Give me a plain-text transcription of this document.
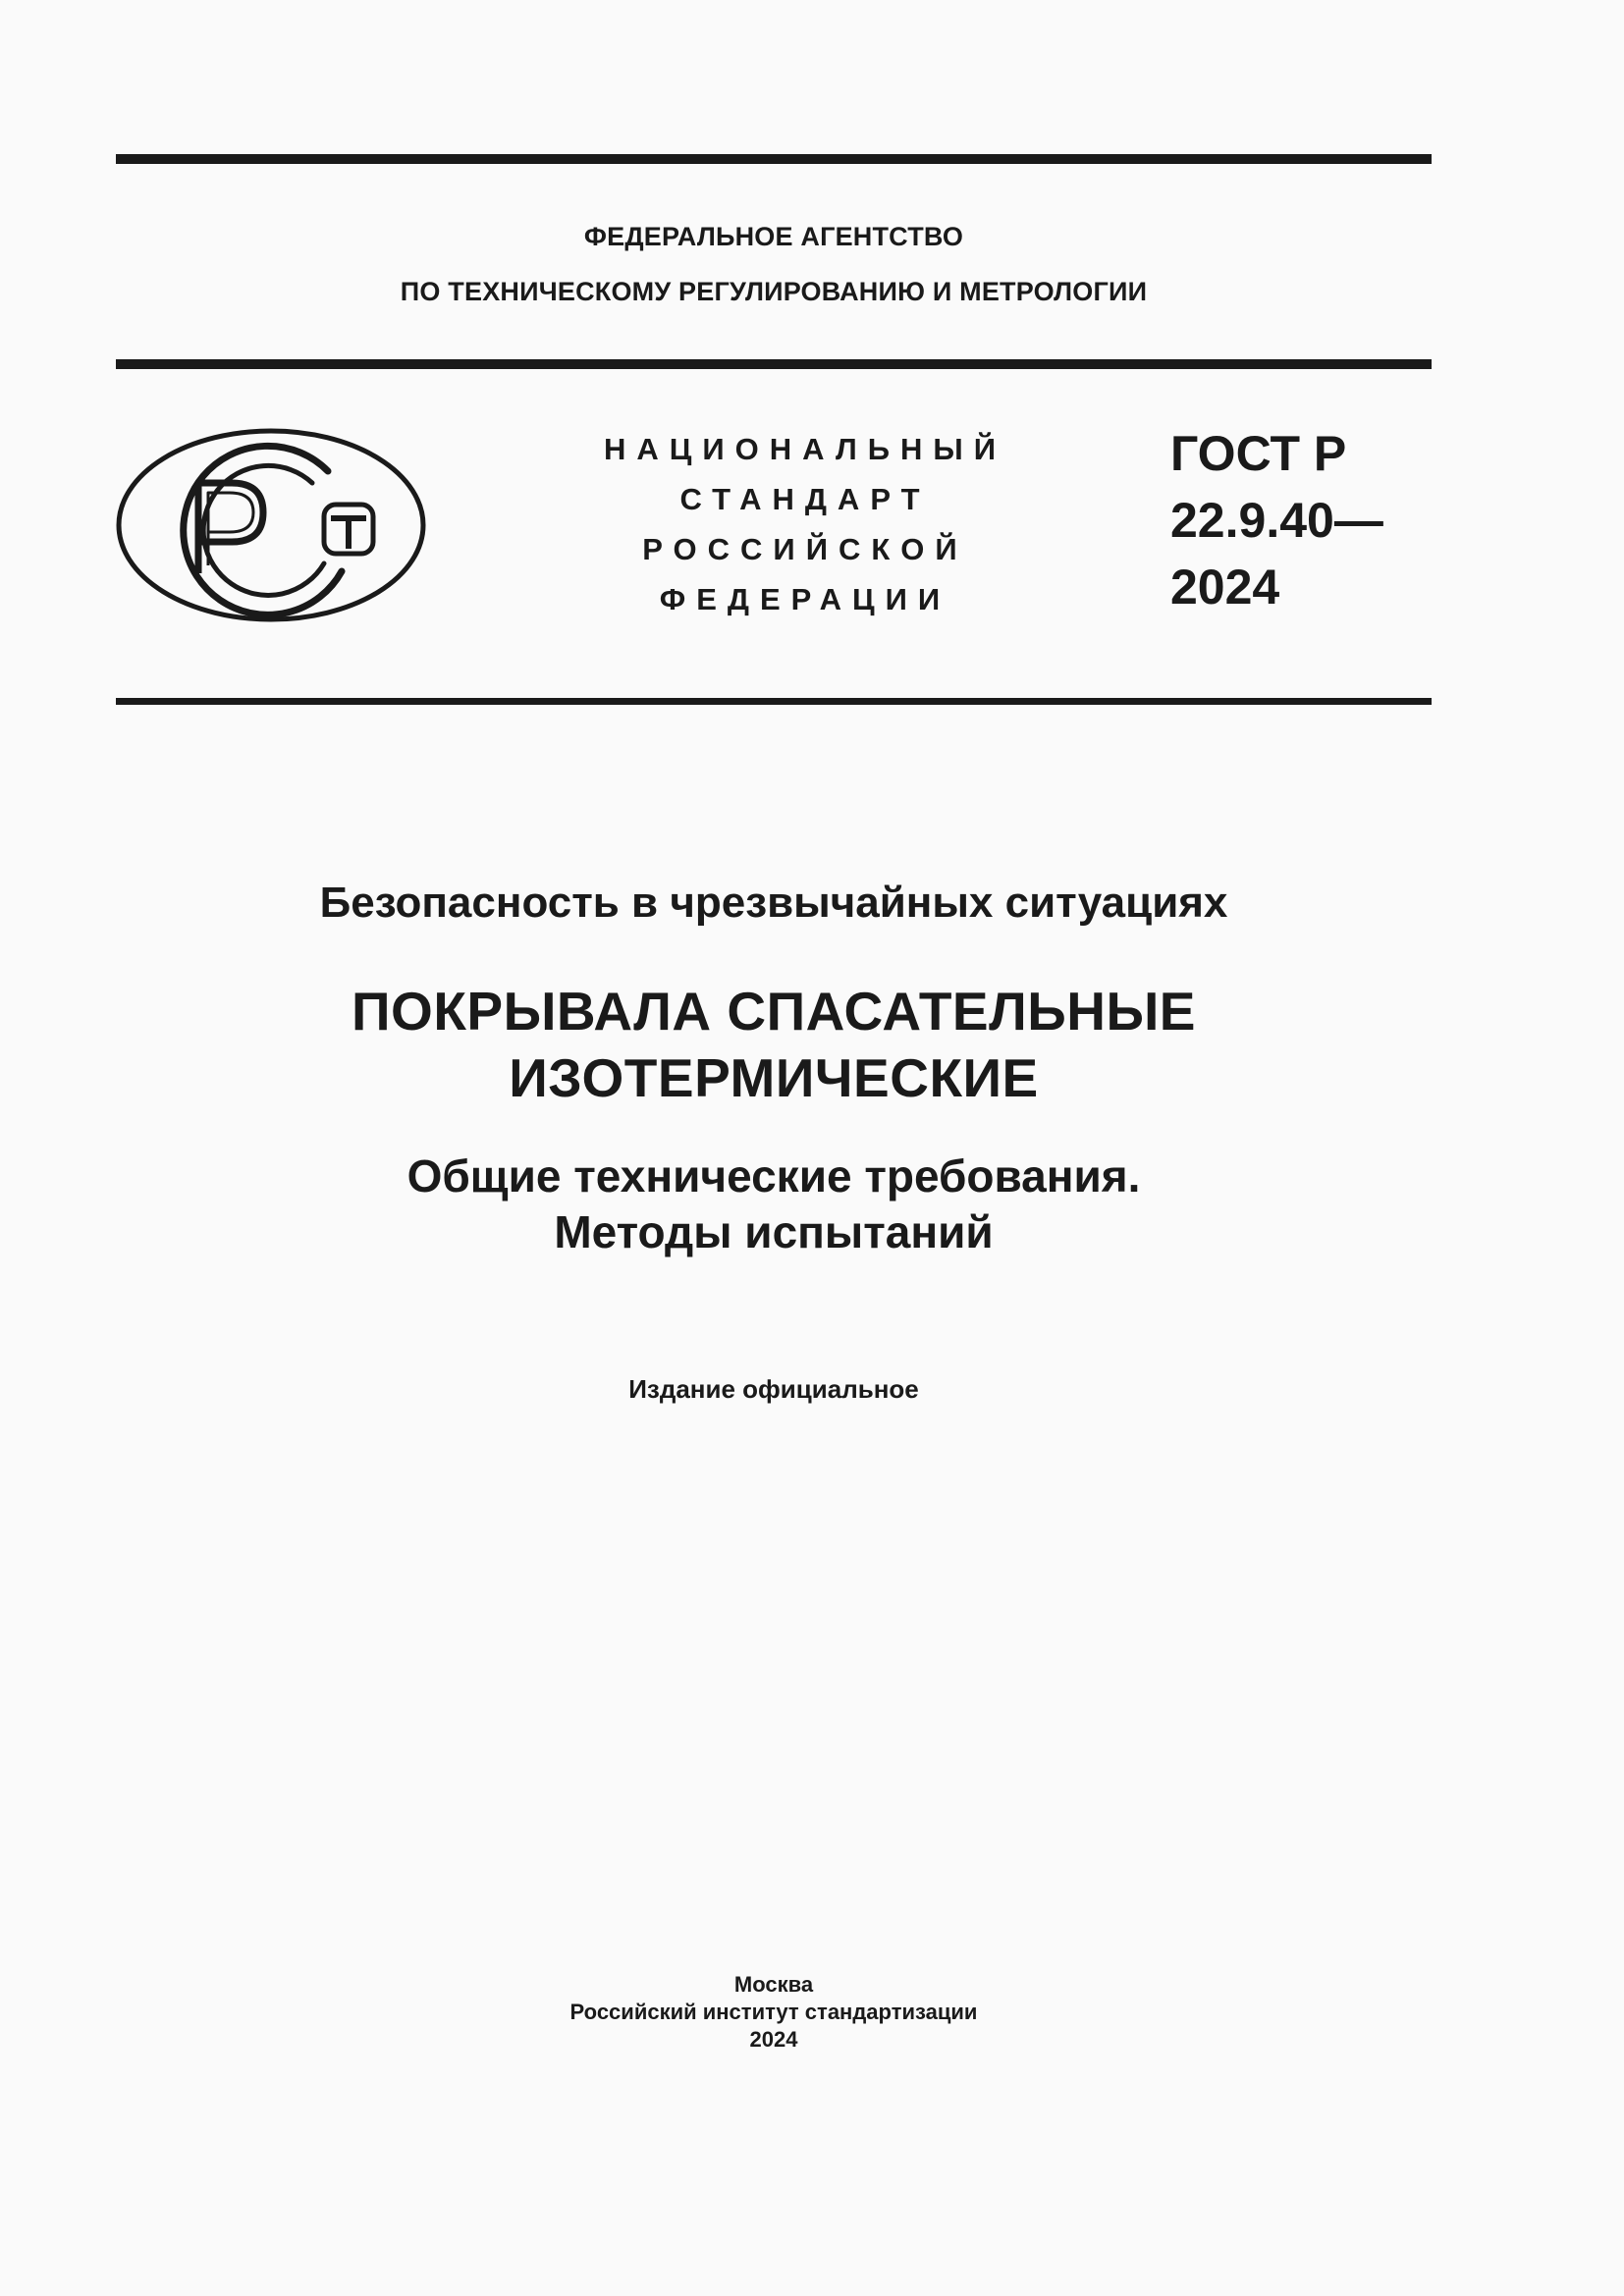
ФЕДЕРАЛЬНОЕ АГЕНТСТВО
ПО ТЕХНИЧЕСКОМУ РЕГУЛИРОВАНИЮ И МЕТРОЛОГИИ
НАЦИОНАЛЬНЫЙ
СТАНДАРТ
РОССИЙСКОЙ
ФЕДЕРАЦИИ
ГОСТ Р
22.9.40—
2024
Безопасность в чрезвычайных ситуациях
ПОКРЫВАЛА СПАСАТЕЛЬНЫЕ
ИЗОТЕРМИЧЕСКИЕ
Общие технические требования.
Методы испытаний
Издание официальное
Москва
Российский институт стандартизации
2024
